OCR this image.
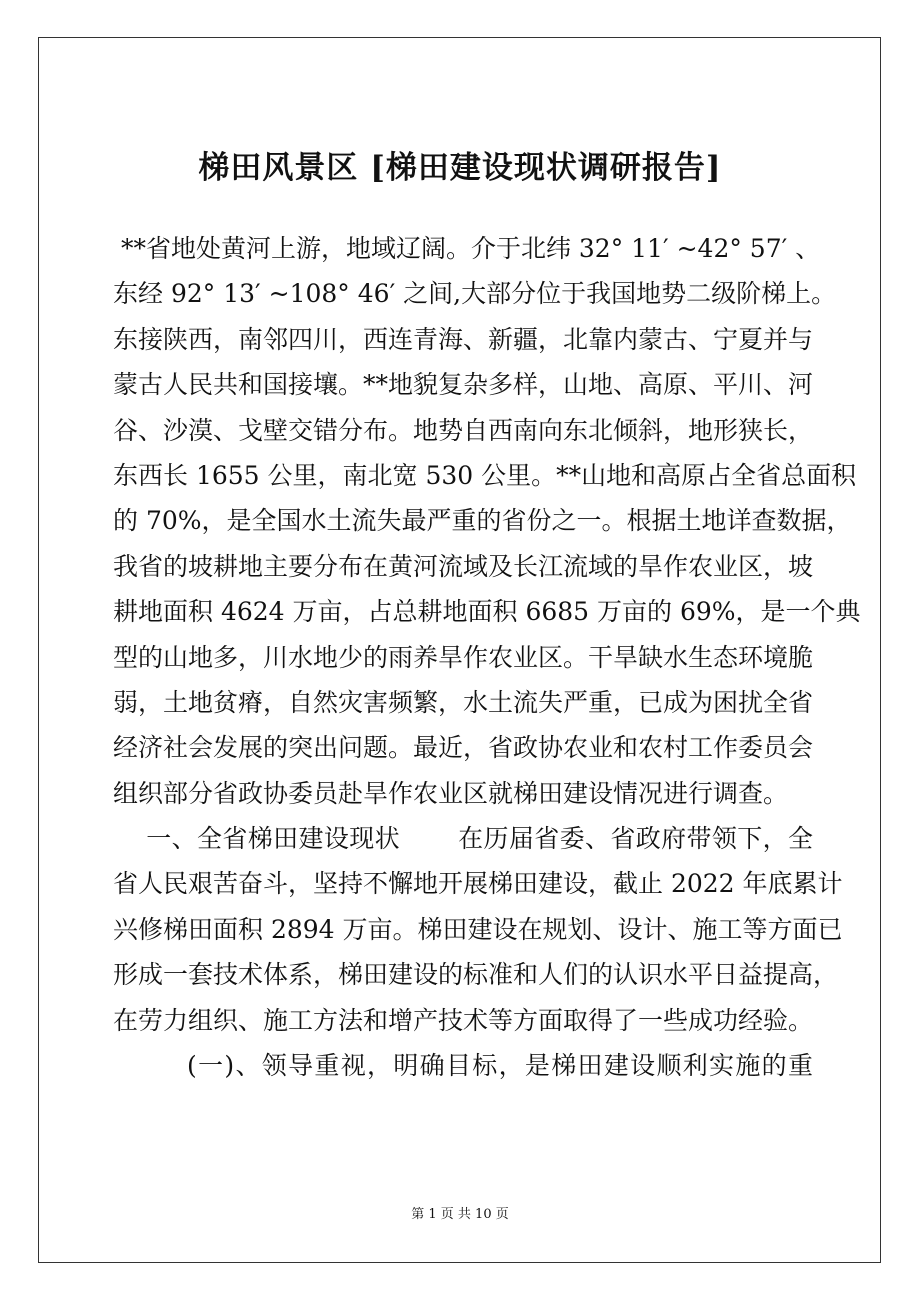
梯田风景区 [梯田建设现状调研报告]
**省地处黄河上游，地域辽阔。介于北纬 32° 11′ ~42° 57′ 、
东经 92° 13′ ~108° 46′ 之间,大部分位于我国地势二级阶梯上。
东接陕西，南邻四川，西连青海、新疆，北靠内蒙古、宁夏并与
蒙古人民共和国接壤。**地貌复杂多样，山地、高原、平川、河
谷、沙漠、戈壁交错分布。地势自西南向东北倾斜，地形狭长，
东西长 1655 公里，南北宽 530 公里。**山地和高原占全省总面积
的 70%，是全国水土流失最严重的省份之一。根据土地详查数据，
我省的坡耕地主要分布在黄河流域及长江流域的旱作农业区，坡
耕地面积 4624 万亩，占总耕地面积 6685 万亩的 69%，是一个典
型的山地多，川水地少的雨养旱作农业区。干旱缺水生态环境脆
弱，土地贫瘠，自然灾害频繁，水土流失严重，已成为困扰全省
经济社会发展的突出问题。最近，省政协农业和农村工作委员会
组织部分省政协委员赴旱作农业区就梯田建设情况进行调查。
一、全省梯田建设现状       在历届省委、省政府带领下，全
省人民艰苦奋斗，坚持不懈地开展梯田建设，截止 2022 年底累计
兴修梯田面积 2894 万亩。梯田建设在规划、设计、施工等方面已
形成一套技术体系，梯田建设的标准和人们的认识水平日益提高，
在劳力组织、施工方法和增产技术等方面取得了一些成功经验。
(一)、领导重视，明确目标，是梯田建设顺利实施的重
第 1 页 共 10 页
